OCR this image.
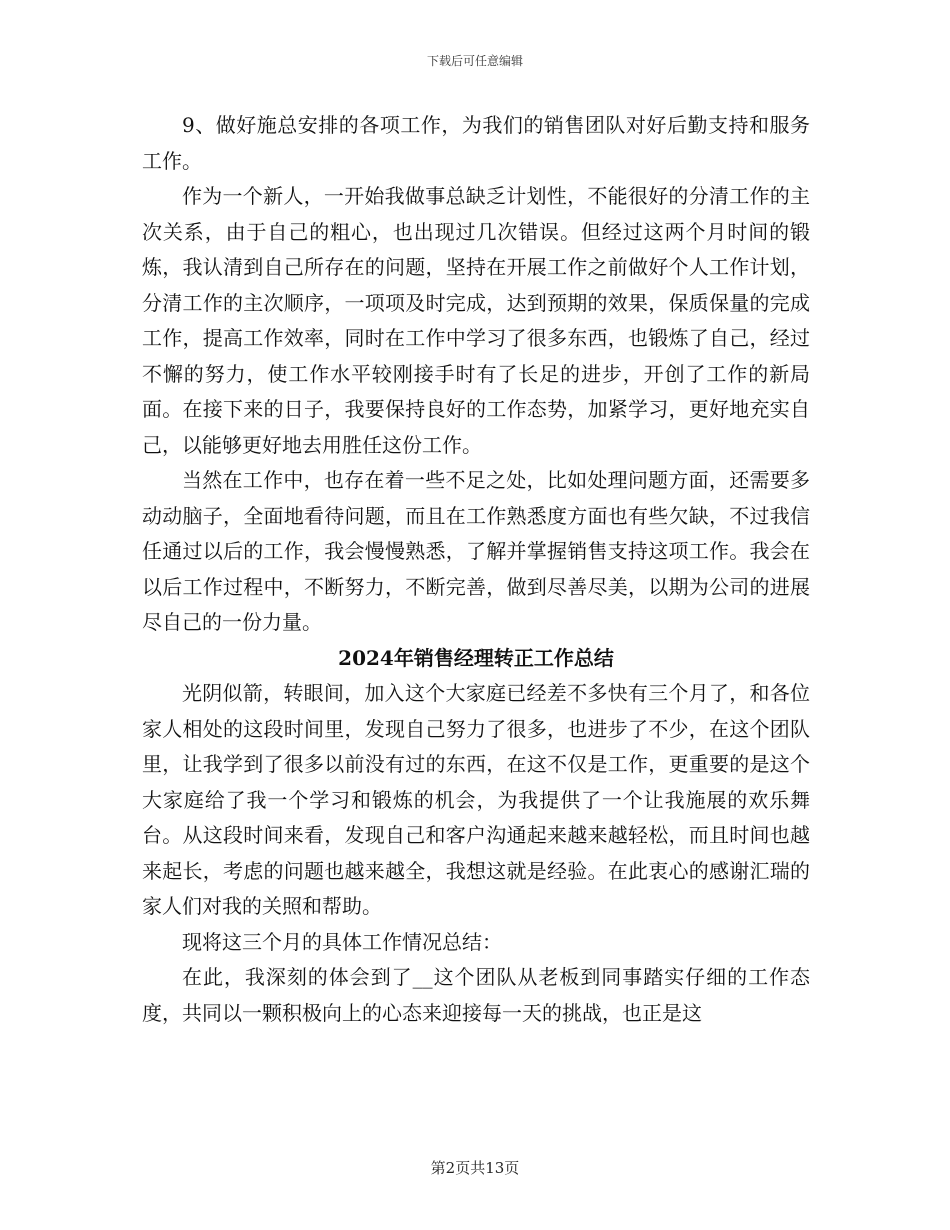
下载后可任意编辑

9、做好施总安排的各项工作，为我们的销售团队对好后勤支持和服务工作。

作为一个新人，一开始我做事总缺乏计划性，不能很好的分清工作的主次关系，由于自己的粗心，也出现过几次错误。但经过这两个月时间的锻炼，我认清到自己所存在的问题，坚持在开展工作之前做好个人工作计划，分清工作的主次顺序，一项项及时完成，达到预期的效果，保质保量的完成工作，提高工作效率，同时在工作中学习了很多东西，也锻炼了自己，经过不懈的努力，使工作水平较刚接手时有了长足的进步，开创了工作的新局面。在接下来的日子，我要保持良好的工作态势，加紧学习，更好地充实自己，以能够更好地去用胜任这份工作。

当然在工作中，也存在着一些不足之处，比如处理问题方面，还需要多动动脑子，全面地看待问题，而且在工作熟悉度方面也有些欠缺，不过我信任通过以后的工作，我会慢慢熟悉，了解并掌握销售支持这项工作。我会在以后工作过程中，不断努力，不断完善，做到尽善尽美，以期为公司的进展尽自己的一份力量。

2024年销售经理转正工作总结

光阴似箭，转眼间，加入这个大家庭已经差不多快有三个月了，和各位家人相处的这段时间里，发现自己努力了很多，也进步了不少，在这个团队里，让我学到了很多以前没有过的东西，在这不仅是工作，更重要的是这个大家庭给了我一个学习和锻炼的机会，为我提供了一个让我施展的欢乐舞台。从这段时间来看，发现自己和客户沟通起来越来越轻松，而且时间也越来起长，考虑的问题也越来越全，我想这就是经验。在此衷心的感谢汇瑞的家人们对我的关照和帮助。

现将这三个月的具体工作情况总结：

在此，我深刻的体会到了__这个团队从老板到同事踏实仔细的工作态度，共同以一颗积极向上的心态来迎接每一天的挑战，也正是这

第2页共13页
